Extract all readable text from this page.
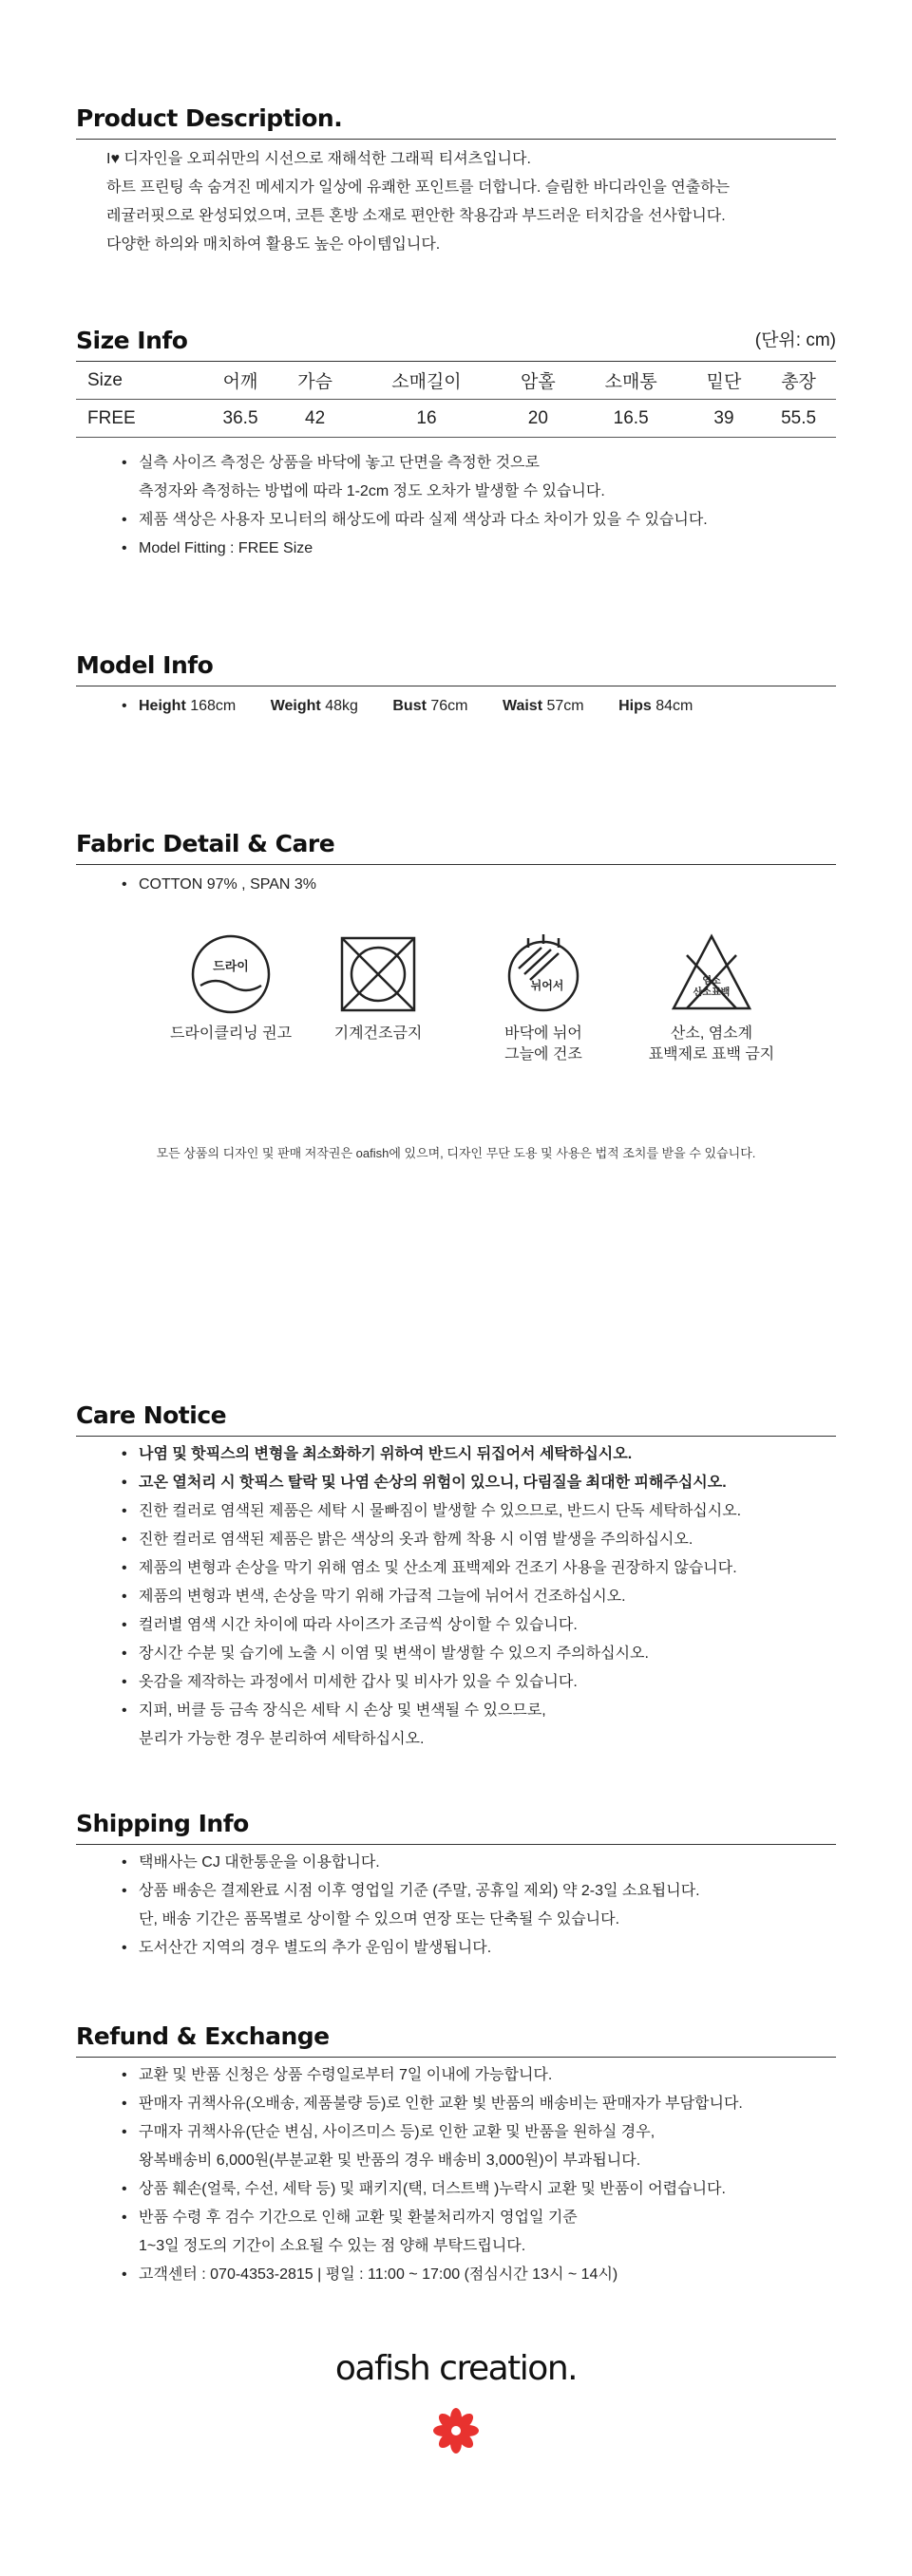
Product Description.
I♥ 디자인을 오피쉬만의 시선으로 재해석한 그래픽 티셔츠입니다.
하트 프린팅 속 숨겨진 메세지가 일상에 유쾌한 포인트를 더합니다. 슬림한 바디라인을 연출하는
레귤러핏으로 완성되었으며, 코튼 혼방 소재로 편안한 착용감과 부드러운 터치감을 선사합니다.
다양한 하의와 매치하여 활용도 높은 아이템입니다.
Size Info	(단위: cm)
Size	어깨	가슴	소매길이	암홀	소매통	밑단	총장
FREE	36.5	42	16	20	16.5	39	55.5
• 실측 사이즈 측정은 상품을 바닥에 놓고 단면을 측정한 것으로
측정자와 측정하는 방법에 따라 1-2cm 정도 오차가 발생할 수 있습니다.
• 제품 색상은 사용자 모니터의 해상도에 따라 실제 색상과 다소 차이가 있을 수 있습니다.
• Model Fitting : FREE Size
Model Info
• Height 168cm Weight 48kg Bust 76cm Waist 57cm Hips 84cm
Fabric Detail & Care
• COTTON 97% , SPAN 3%
드라이
드라이클리닝 권고	기계건조금지
뉘어서
바닥에 뉘어
그늘에 건조
염소
산소표백
산소, 염소계
표백제로 표백 금지
모든 상품의 디자인 및 판매 저작권은 oafish에 있으며, 디자인 무단 도용 및 사용은 법적 조치를 받을 수 있습니다.
Care Notice
• 나염 및 핫픽스의 변형을 최소화하기 위하여 반드시 뒤집어서 세탁하십시오.
• 고온 열처리 시 핫픽스 탈락 및 나염 손상의 위험이 있으니, 다림질을 최대한 피해주십시오.
• 진한 컬러로 염색된 제품은 세탁 시 물빠짐이 발생할 수 있으므로, 반드시 단독 세탁하십시오.
• 진한 컬러로 염색된 제품은 밝은 색상의 옷과 함께 착용 시 이염 발생을 주의하십시오.
• 제품의 변형과 손상을 막기 위해 염소 및 산소계 표백제와 건조기 사용을 권장하지 않습니다.
• 제품의 변형과 변색, 손상을 막기 위해 가급적 그늘에 뉘어서 건조하십시오.
• 컬러별 염색 시간 차이에 따라 사이즈가 조금씩 상이할 수 있습니다.
• 장시간 수분 및 습기에 노출 시 이염 및 변색이 발생할 수 있으지 주의하십시오.
• 옷감을 제작하는 과정에서 미세한 갑사 및 비사가 있을 수 있습니다.
• 지퍼, 버클 등 금속 장식은 세탁 시 손상 및 변색될 수 있으므로,
분리가 가능한 경우 분리하여 세탁하십시오.
Shipping Info
• 택배사는 CJ 대한통운을 이용합니다.
• 상품 배송은 결제완료 시점 이후 영업일 기준 (주말, 공휴일 제외) 약 2-3일 소요됩니다.
단, 배송 기간은 품목별로 상이할 수 있으며 연장 또는 단축될 수 있습니다.
• 도서산간 지역의 경우 별도의 추가 운임이 발생됩니다.
Refund & Exchange
• 교환 및 반품 신청은 상품 수령일로부터 7일 이내에 가능합니다.
• 판매자 귀책사유(오배송, 제품불량 등)로 인한 교환 빛 반품의 배송비는 판매자가 부담합니다.
• 구매자 귀책사유(단순 변심, 사이즈미스 등)로 인한 교환 및 반품을 원하실 경우,
왕복배송비 6,000원(부분교환 및 반품의 경우 배송비 3,000원)이 부과됩니다.
• 상품 훼손(얼룩, 수선, 세탁 등) 및 패키지(택, 더스트백 )누락시 교환 및 반품이 어렵습니다.
• 반품 수령 후 검수 기간으로 인해 교환 및 환불처리까지 영업일 기준
1~3일 정도의 기간이 소요될 수 있는 점 양해 부탁드립니다.
• 고객센터 : 070-4353-2815 | 평일 : 11:00 ~ 17:00 (점심시간 13시 ~ 14시)
oafish creation.
